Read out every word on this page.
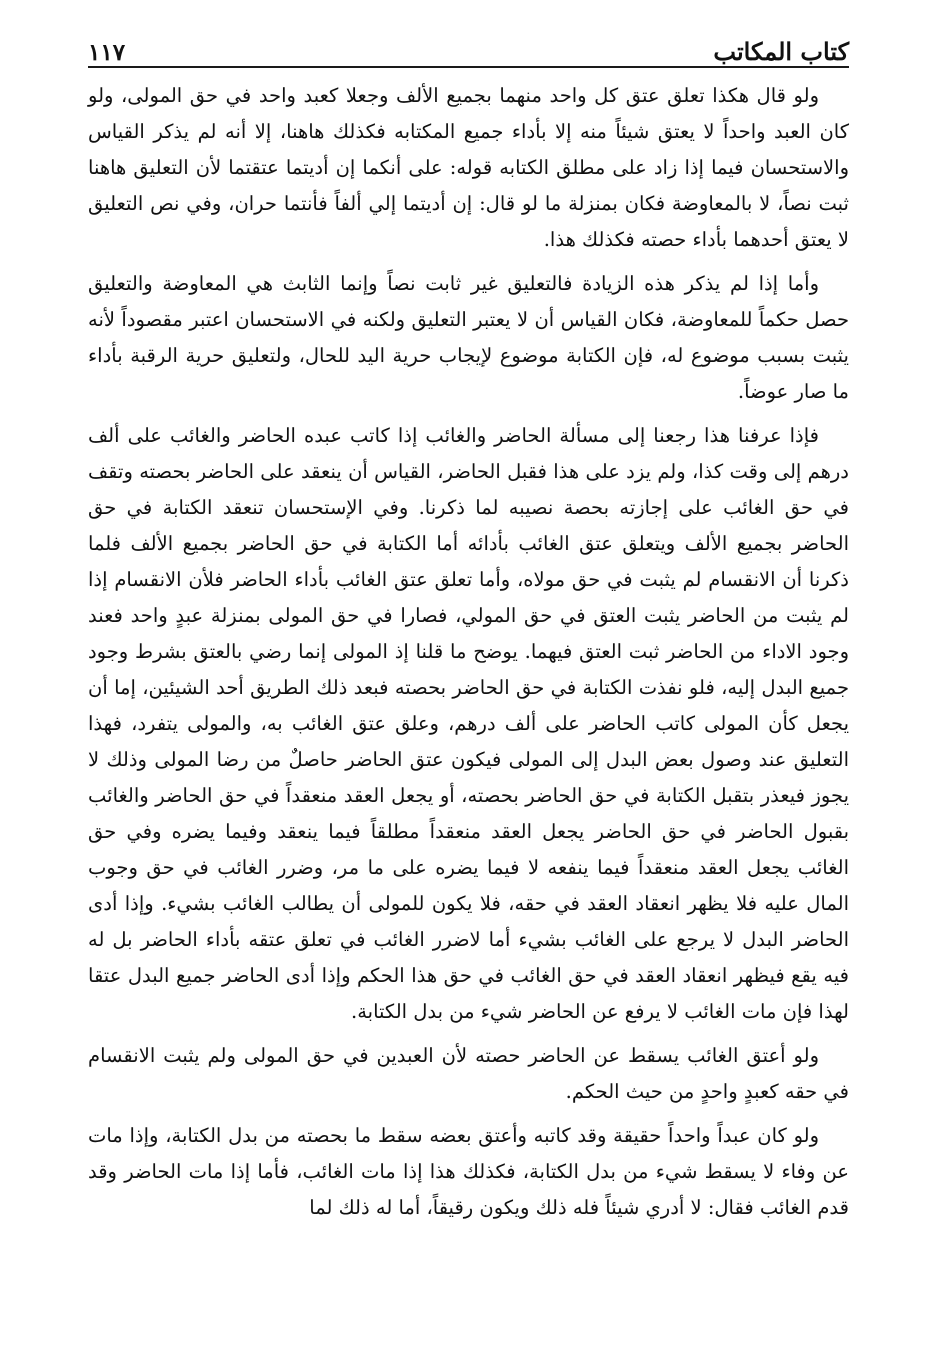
كتاب المكاتب
١١٧

ولو قال هكذا تعلق عتق كل واحد منهما بجميع الألف وجعلا كعبد واحد في حق المولى، ولو كان العبد واحداً لا يعتق شيئاً منه إلا بأداء جميع المكتابه فكذلك هاهنا، إلا أنه لم يذكر القياس والاستحسان فيما إذا زاد على مطلق الكتابه قوله: على أنكما إن أديتما عتقتما لأن التعليق هاهنا ثبت نصاً، لا بالمعاوضة فكان بمنزلة ما لو قال: إن أديتما إلي ألفاً فأنتما حران، وفي نص التعليق لا يعتق أحدهما بأداء حصته فكذلك هذا.

وأما إذا لم يذكر هذه الزيادة فالتعليق غير ثابت نصاً وإنما الثابث هي المعاوضة والتعليق حصل حكماً للمعاوضة، فكان القياس أن لا يعتبر التعليق ولكنه في الاستحسان اعتبر مقصوداً لأنه يثبت بسبب موضوع له، فإن الكتابة موضوع لإيجاب حرية اليد للحال، ولتعليق حرية الرقبة بأداء ما صار عوضاً.

فإذا عرفنا هذا رجعنا إلى مسألة الحاضر والغائب إذا كاتب عبده الحاضر والغائب على ألف درهم إلى وقت كذا، ولم يزد على هذا فقبل الحاضر، القياس أن ينعقد على الحاضر بحصته وتقف في حق الغائب على إجازته بحصة نصيبه لما ذكرنا. وفي الإستحسان تنعقد الكتابة في حق الحاضر بجميع الألف ويتعلق عتق الغائب بأدائه أما الكتابة في حق الحاضر بجميع الألف فلما ذكرنا أن الانقسام لم يثبت في حق مولاه، وأما تعلق عتق الغائب بأداء الحاضر فلأن الانقسام إذا لم يثبت من الحاضر يثبت العتق في حق المولي، فصارا في حق المولى بمنزلة عبدٍ واحد فعند وجود الاداء من الحاضر ثبت العتق فيهما. يوضح ما قلنا إذ المولى إنما رضي بالعتق بشرط وجود جميع البدل إليه، فلو نفذت الكتابة في حق الحاضر بحصته فبعد ذلك الطريق أحد الشيئين، إما أن يجعل كأن المولى كاتب الحاضر على ألف درهم، وعلق عتق الغائب به، والمولى يتفرد، فهذا التعليق عند وصول بعض البدل إلى المولى فيكون عتق الحاضر حاصلٌ من رضا المولى وذلك لا يجوز فيعذر بتقبل الكتابة في حق الحاضر بحصته، أو يجعل العقد منعقداً في حق الحاضر والغائب بقبول الحاضر في حق الحاضر يجعل العقد منعقداً مطلقاً فيما ينعقد وفيما يضره وفي حق الغائب يجعل العقد منعقداً فيما ينفعه لا فيما يضره على ما مر، وضرر الغائب في حق وجوب المال عليه فلا يظهر انعقاد العقد في حقه، فلا يكون للمولى أن يطالب الغائب بشيء. وإذا أدى الحاضر البدل لا يرجع على الغائب بشيء أما لاضرر الغائب في تعلق عتقه بأداء الحاضر بل له فيه يقع فيظهر انعقاد العقد في حق الغائب في حق هذا الحكم وإذا أدى الحاضر جميع البدل عتقا لهذا فإن مات الغائب لا يرفع عن الحاضر شيء من بدل الكتابة.

ولو أعتق الغائب يسقط عن الحاضر حصته لأن العبدين في حق المولى ولم يثبت الانقسام في حقه كعبدٍ واحدٍ من حيث الحكم.

ولو كان عبداً واحداً حقيقة وقد كاتبه وأعتق بعضه سقط ما بحصته من بدل الكتابة، وإذا مات عن وفاء لا يسقط شيء من بدل الكتابة، فكذلك هذا إذا مات الغائب، فأما إذا مات الحاضر وقد قدم الغائب فقال: لا أدري شيئاً فله ذلك ويكون رقيقاً، أما له ذلك لما
